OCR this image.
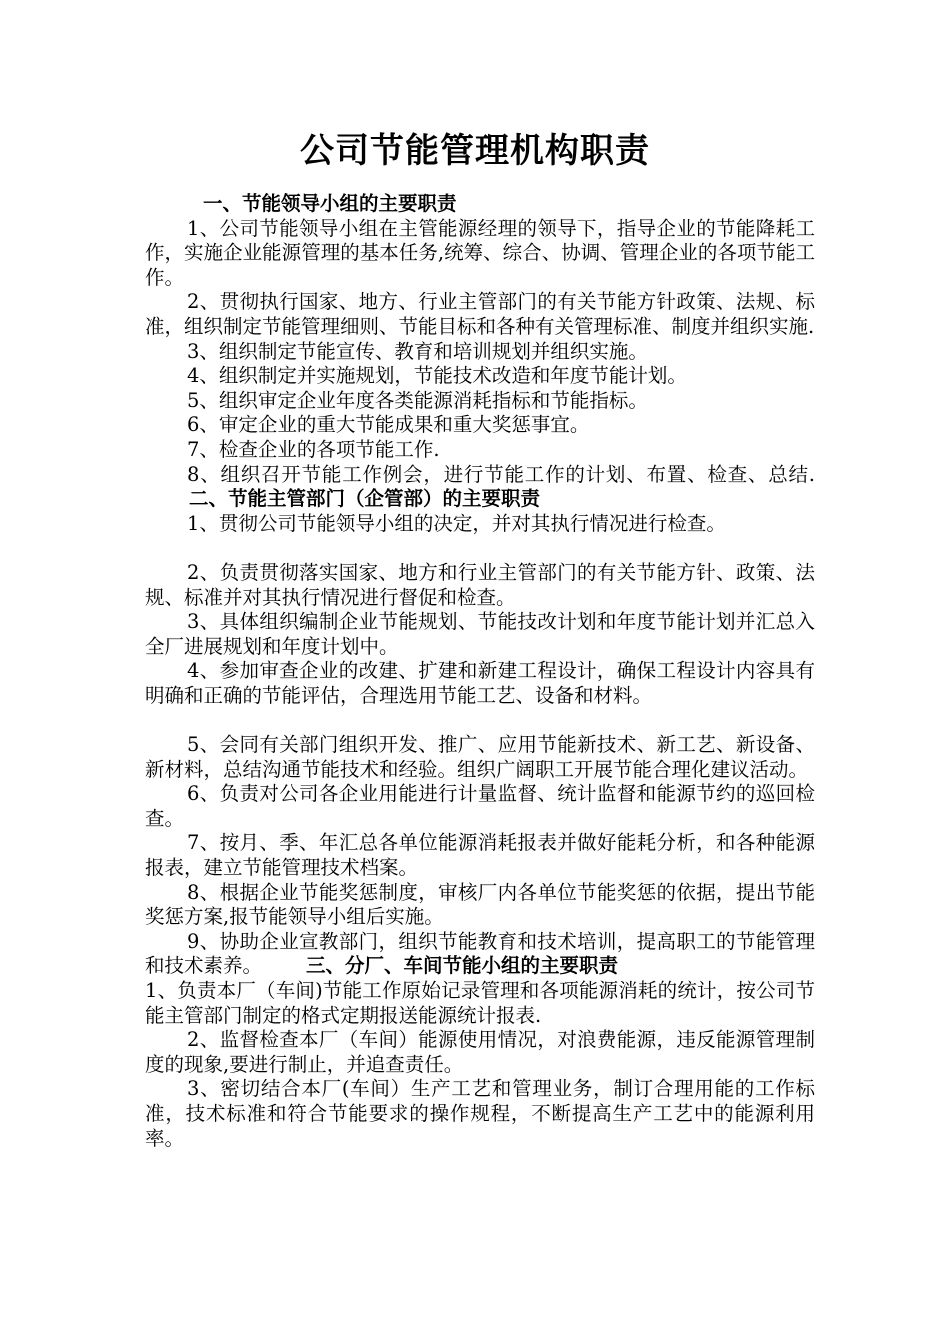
公司节能管理机构职责

一、节能领导小组的主要职责

1、公司节能领导小组在主管能源经理的领导下，指导企业的节能降耗工作，实施企业能源管理的基本任务,统筹、综合、协调、管理企业的各项节能工作。

2、贯彻执行国家、地方、行业主管部门的有关节能方针政策、法规、标准，组织制定节能管理细则、节能目标和各种有关管理标准、制度并组织实施.

3、组织制定节能宣传、教育和培训规划并组织实施。

4、组织制定并实施规划，节能技术改造和年度节能计划。

5、组织审定企业年度各类能源消耗指标和节能指标。

6、审定企业的重大节能成果和重大奖惩事宜。

7、检查企业的各项节能工作.

8、组织召开节能工作例会，进行节能工作的计划、布置、检查、总结.二、节能主管部门（企管部）的主要职责

1、贯彻公司节能领导小组的决定，并对其执行情况进行检查。

2、负责贯彻落实国家、地方和行业主管部门的有关节能方针、政策、法规、标准并对其执行情况进行督促和检查。

3、具体组织编制企业节能规划、节能技改计划和年度节能计划并汇总入全厂进展规划和年度计划中。

4、参加审查企业的改建、扩建和新建工程设计，确保工程设计内容具有明确和正确的节能评估，合理选用节能工艺、设备和材料。

5、会同有关部门组织开发、推广、应用节能新技术、新工艺、新设备、新材料，总结沟通节能技术和经验。组织广阔职工开展节能合理化建议活动。

6、负责对公司各企业用能进行计量监督、统计监督和能源节约的巡回检查。

7、按月、季、年汇总各单位能源消耗报表并做好能耗分析，和各种能源报表，建立节能管理技术档案。

8、根据企业节能奖惩制度，审核厂内各单位节能奖惩的依据，提出节能奖惩方案,报节能领导小组后实施。

9、协助企业宣教部门，组织节能教育和技术培训，提高职工的节能管理和技术素养。 三、分厂、车间节能小组的主要职责

1、负责本厂（车间)节能工作原始记录管理和各项能源消耗的统计，按公司节能主管部门制定的格式定期报送能源统计报表.

2、监督检查本厂（车间）能源使用情况，对浪费能源，违反能源管理制度的现象,要进行制止，并追查责任。

3、密切结合本厂(车间）生产工艺和管理业务，制订合理用能的工作标准，技术标准和符合节能要求的操作规程，不断提高生产工艺中的能源利用率。
